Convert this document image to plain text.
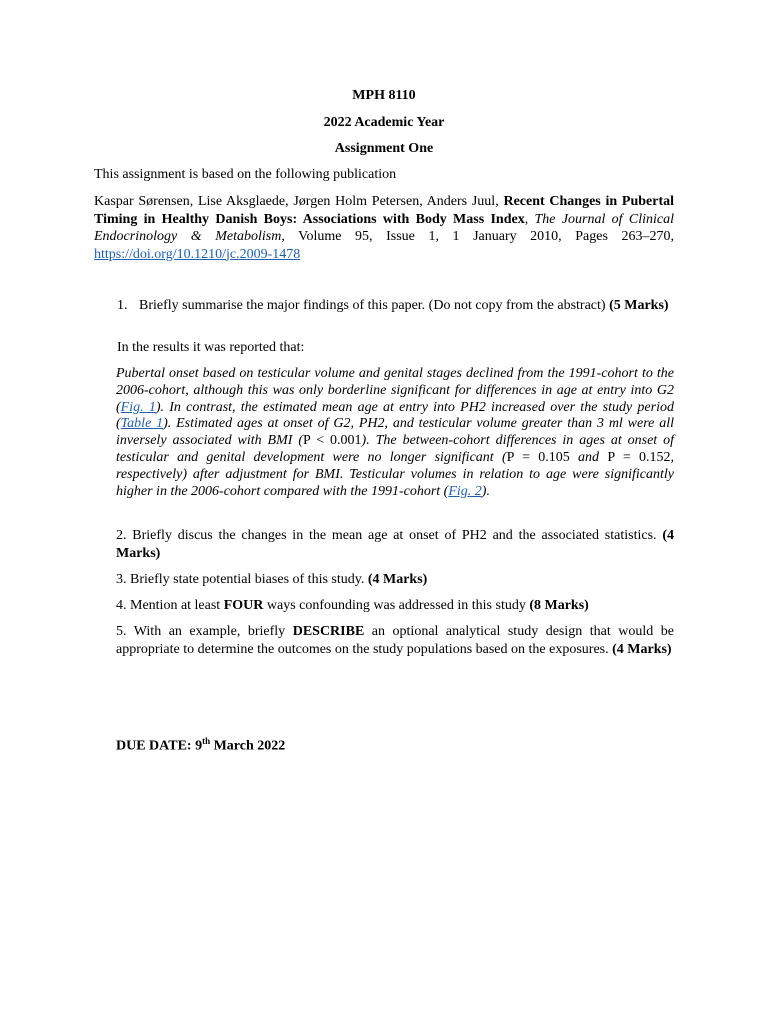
MPH 8110
2022 Academic Year
Assignment One
This assignment is based on the following publication
Kaspar Sørensen, Lise Aksglaede, Jørgen Holm Petersen, Anders Juul, Recent Changes in Pubertal Timing in Healthy Danish Boys: Associations with Body Mass Index, The Journal of Clinical Endocrinology & Metabolism, Volume 95, Issue 1, 1 January 2010, Pages 263–270, https://doi.org/10.1210/jc.2009-1478
1. Briefly summarise the major findings of this paper. (Do not copy from the abstract) (5 Marks)
In the results it was reported that:
Pubertal onset based on testicular volume and genital stages declined from the 1991-cohort to the 2006-cohort, although this was only borderline significant for differences in age at entry into G2 (Fig. 1). In contrast, the estimated mean age at entry into PH2 increased over the study period (Table 1). Estimated ages at onset of G2, PH2, and testicular volume greater than 3 ml were all inversely associated with BMI (P < 0.001). The between-cohort differences in ages at onset of testicular and genital development were no longer significant (P = 0.105 and P = 0.152, respectively) after adjustment for BMI. Testicular volumes in relation to age were significantly higher in the 2006-cohort compared with the 1991-cohort (Fig. 2).
2. Briefly discus the changes in the mean age at onset of PH2 and the associated statistics. (4 Marks)
3. Briefly state potential biases of this study. (4 Marks)
4. Mention at least FOUR ways confounding was addressed in this study (8 Marks)
5. With an example, briefly DESCRIBE an optional analytical study design that would be appropriate to determine the outcomes on the study populations based on the exposures. (4 Marks)
DUE DATE: 9th March 2022
